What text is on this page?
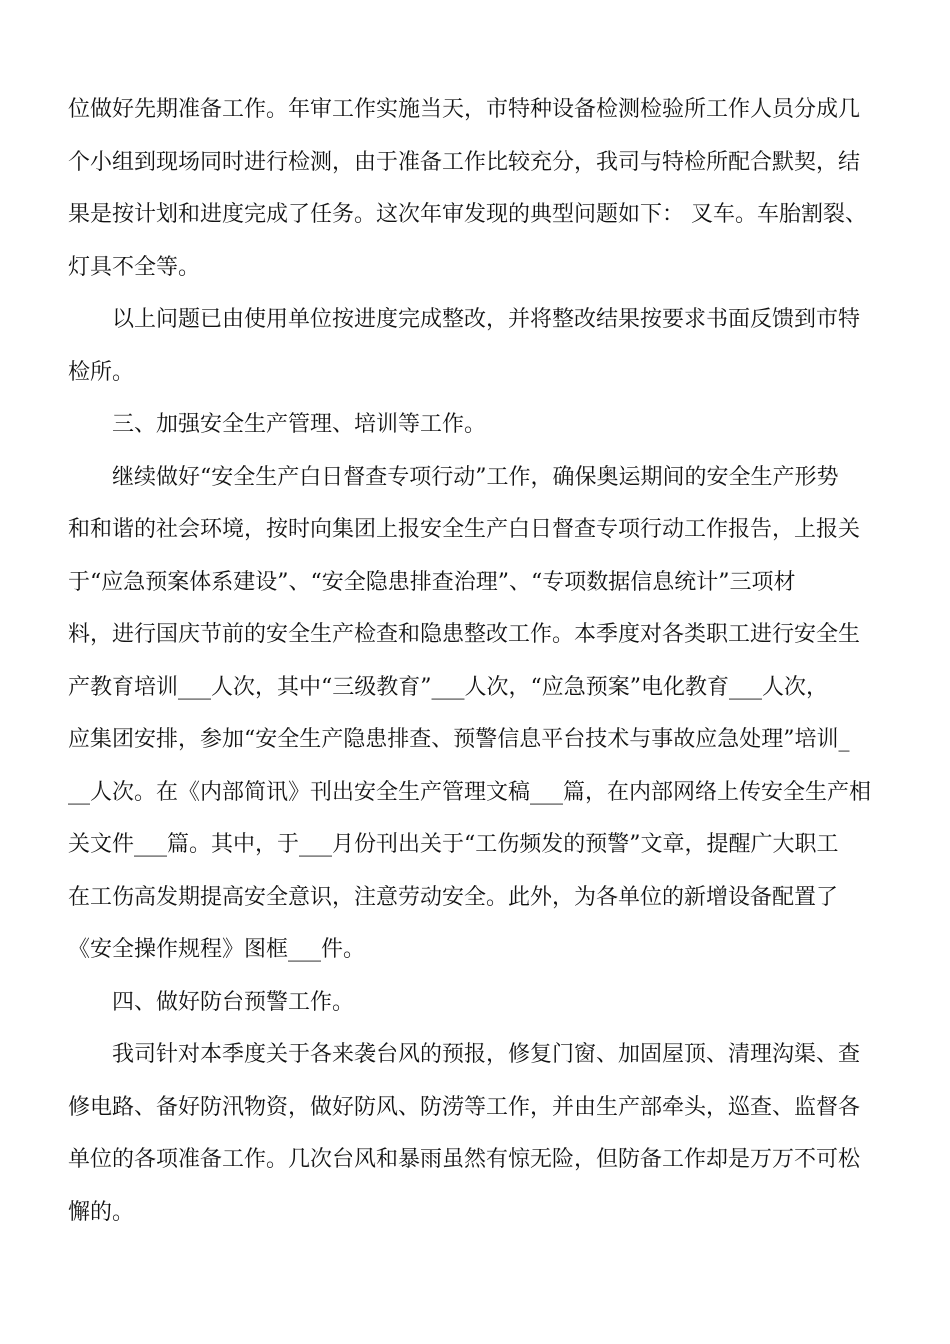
位做好先期准备工作。年审工作实施当天，市特种设备检测检验所工作人员分成几
个小组到现场同时进行检测，由于准备工作比较充分，我司与特检所配合默契，结
果是按计划和进度完成了任务。这次年审发现的典型问题如下： 叉车。车胎割裂、
灯具不全等。
　　以上问题已由使用单位按进度完成整改，并将整改结果按要求书面反馈到市特
检所。
　　三、加强安全生产管理、培训等工作。
　　继续做好“安全生产白日督查专项行动”工作，确保奥运期间的安全生产形势
和和谐的社会环境，按时向集团上报安全生产白日督查专项行动工作报告，上报关
于“应急预案体系建设”、“安全隐患排查治理”、“专项数据信息统计”三项材
料，进行国庆节前的安全生产检查和隐患整改工作。本季度对各类职工进行安全生
产教育培训___人次，其中“三级教育”___人次，“应急预案”电化教育___人次，
应集团安排，参加“安全生产隐患排查、预警信息平台技术与事故应急处理”培训_
__人次。在《内部简讯》刊出安全生产管理文稿___篇，在内部网络上传安全生产相
关文件___篇。其中，于___月份刊出关于“工伤频发的预警”文章，提醒广大职工
在工伤高发期提高安全意识，注意劳动安全。此外，为各单位的新增设备配置了
《安全操作规程》图框___件。
　　四、做好防台预警工作。
　　我司针对本季度关于各来袭台风的预报，修复门窗、加固屋顶、清理沟渠、查
修电路、备好防汛物资，做好防风、防涝等工作，并由生产部牵头，巡查、监督各
单位的各项准备工作。几次台风和暴雨虽然有惊无险，但防备工作却是万万不可松
懈的。
